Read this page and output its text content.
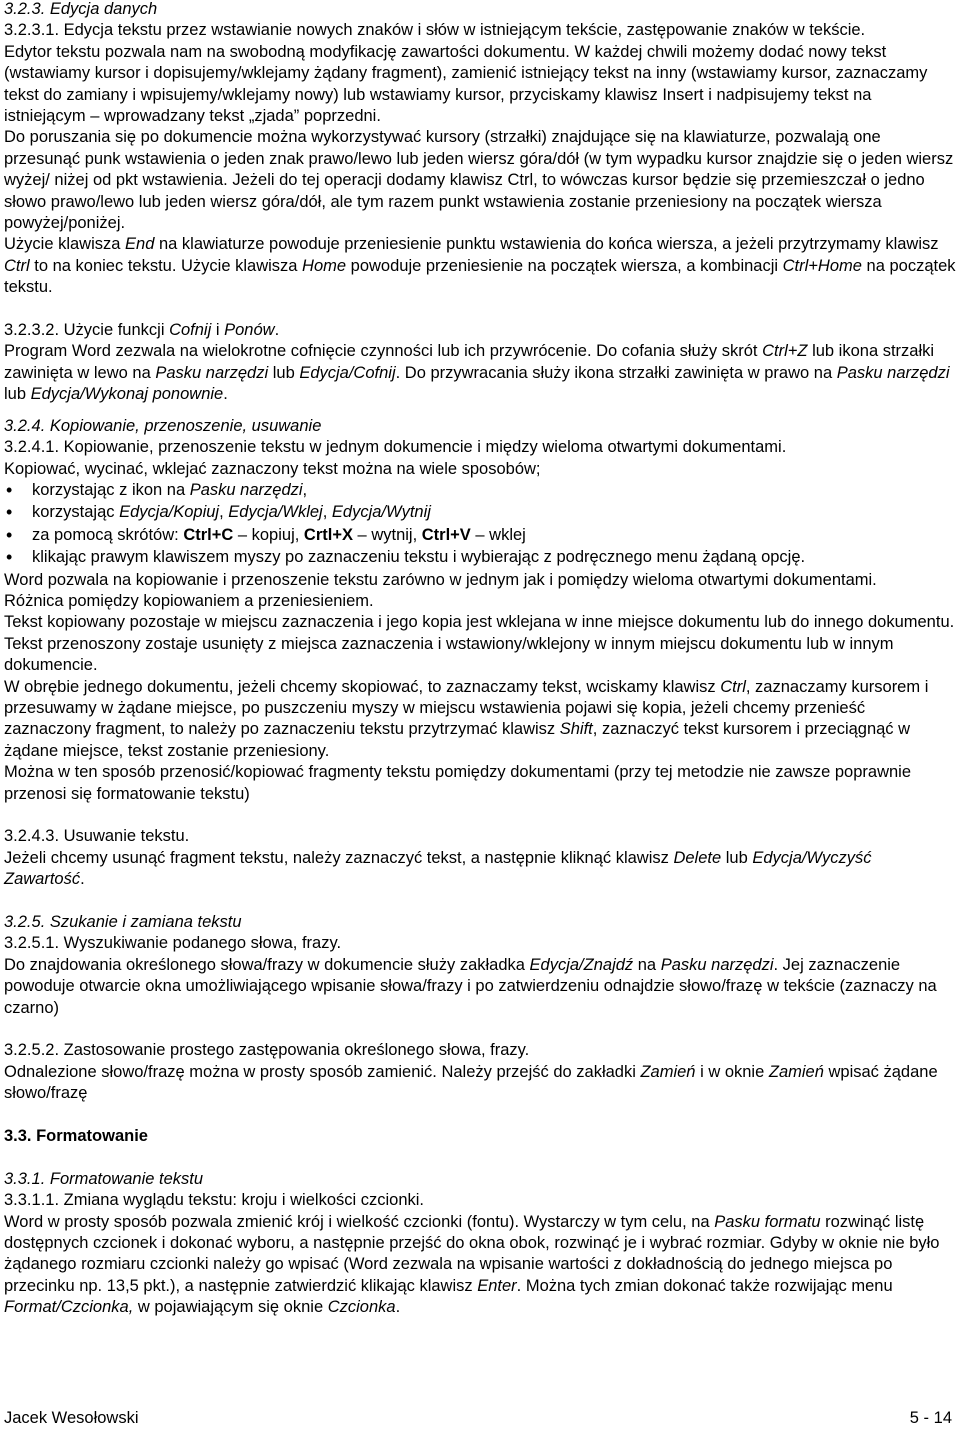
3.2.3. Edycja danych

3.2.3.1. Edycja tekstu przez wstawianie nowych znaków i słów w istniejącym tekście, zastępowanie znaków w tekście.

Edytor tekstu pozwala nam na swobodną modyfikację zawartości dokumentu. W każdej chwili możemy dodać nowy tekst (wstawiamy kursor i dopisujemy/wklejamy żądany fragment), zamienić istniejący tekst na inny (wstawiamy kursor, zaznaczamy tekst do zamiany i wpisujemy/wklejamy nowy) lub wstawiamy kursor, przyciskamy klawisz Insert i nadpisujemy tekst na istniejącym – wprowadzany tekst „zjada” poprzedni.

Do poruszania się po dokumencie można wykorzystywać kursory (strzałki) znajdujące się na klawiaturze, pozwalają one przesunąć punk wstawienia o jeden znak prawo/lewo lub jeden wiersz góra/dół (w tym wypadku kursor znajdzie się o jeden wiersz wyżej/ niżej od pkt wstawienia. Jeżeli do tej operacji dodamy klawisz Ctrl, to wówczas kursor będzie się przemieszczał o jedno słowo prawo/lewo lub jeden wiersz góra/dół, ale tym razem punkt wstawienia zostanie przeniesiony na początek wiersza powyżej/poniżej.

Użycie klawisza End na klawiaturze powoduje przeniesienie punktu wstawienia do końca wiersza, a jeżeli przytrzymamy klawisz Ctrl to na koniec tekstu. Użycie klawisza Home powoduje przeniesienie na początek wiersza, a kombinacji Ctrl+Home na początek tekstu.

3.2.3.2. Użycie funkcji Cofnij i Ponów.

Program Word zezwala na wielokrotne cofnięcie czynności lub ich przywrócenie. Do cofania służy skrót Ctrl+Z lub ikona strzałki zawinięta w lewo na Pasku narzędzi lub Edycja/Cofnij. Do przywracania służy ikona strzałki zawinięta w prawo na Pasku narzędzi lub Edycja/Wykonaj ponownie.

3.2.4. Kopiowanie, przenoszenie, usuwanie

3.2.4.1. Kopiowanie, przenoszenie tekstu w jednym dokumencie i między wieloma otwartymi dokumentami.

Kopiować, wycinać, wklejać zaznaczony tekst można na wiele sposobów;

• korzystając z ikon na Pasku narzędzi,
• korzystając Edycja/Kopiuj, Edycja/Wklej, Edycja/Wytnij
• za pomocą skrótów: Ctrl+C – kopiuj, Crtl+X – wytnij, Ctrl+V – wklej
• klikając prawym klawiszem myszy po zaznaczeniu tekstu i wybierając z podręcznego menu żądaną opcję.

Word pozwala na kopiowanie i przenoszenie tekstu zarówno w jednym jak i pomiędzy wieloma otwartymi dokumentami.

Różnica pomiędzy kopiowaniem a przeniesieniem.

Tekst kopiowany pozostaje w miejscu zaznaczenia i jego kopia jest wklejana w inne miejsce dokumentu lub do innego dokumentu. Tekst przenoszony zostaje usunięty z miejsca zaznaczenia i wstawiony/wklejony w innym miejscu dokumentu lub w innym dokumencie.

W obrębie jednego dokumentu, jeżeli chcemy skopiować, to zaznaczamy tekst, wciskamy klawisz Ctrl, zaznaczamy kursorem i przesuwamy w żądane miejsce, po puszczeniu myszy w miejscu wstawienia pojawi się kopia, jeżeli chcemy przenieść zaznaczony fragment, to należy po zaznaczeniu tekstu przytrzymać klawisz Shift, zaznaczyć tekst kursorem i przeciągnąć w żądane miejsce, tekst zostanie przeniesiony.

Można w ten sposób przenosić/kopiować fragmenty tekstu pomiędzy dokumentami (przy tej metodzie nie zawsze poprawnie przenosi się formatowanie tekstu)

3.2.4.3. Usuwanie tekstu.

Jeżeli chcemy usunąć fragment tekstu, należy zaznaczyć tekst, a następnie kliknąć klawisz Delete lub Edycja/Wyczyść Zawartość.

3.2.5. Szukanie i zamiana tekstu

3.2.5.1. Wyszukiwanie podanego słowa, frazy.

Do znajdowania określonego słowa/frazy w dokumencie służy zakładka Edycja/Znajdź na Pasku narzędzi. Jej zaznaczenie powoduje otwarcie okna umożliwiającego wpisanie słowa/frazy i po zatwierdzeniu odnajdzie słowo/frazę w tekście (zaznaczy na czarno)

3.2.5.2. Zastosowanie prostego zastępowania określonego słowa, frazy.

Odnalezione słowo/frazę można w prosty sposób zamienić. Należy przejść do zakładki Zamień i w oknie Zamień wpisać żądane słowo/frazę

3.3. Formatowanie

3.3.1. Formatowanie tekstu

3.3.1.1. Zmiana wyglądu tekstu: kroju i wielkości czcionki.

Word w prosty sposób pozwala zmienić krój i wielkość czcionki (fontu). Wystarczy w tym celu, na Pasku formatu rozwinąć listę dostępnych czcionek i dokonać wyboru, a następnie przejść do okna obok, rozwinąć je i wybrać rozmiar. Gdyby w oknie nie było żądanego rozmiaru czcionki należy go wpisać (Word zezwala na wpisanie wartości z dokładnością do jednego miejsca po przecinku np. 13,5 pkt.), a następnie zatwierdzić klikając klawisz Enter. Można tych zmian dokonać także rozwijając menu Format/Czcionka, w pojawiającym się oknie Czcionka.

Jacek Wesołowski	5 - 14
